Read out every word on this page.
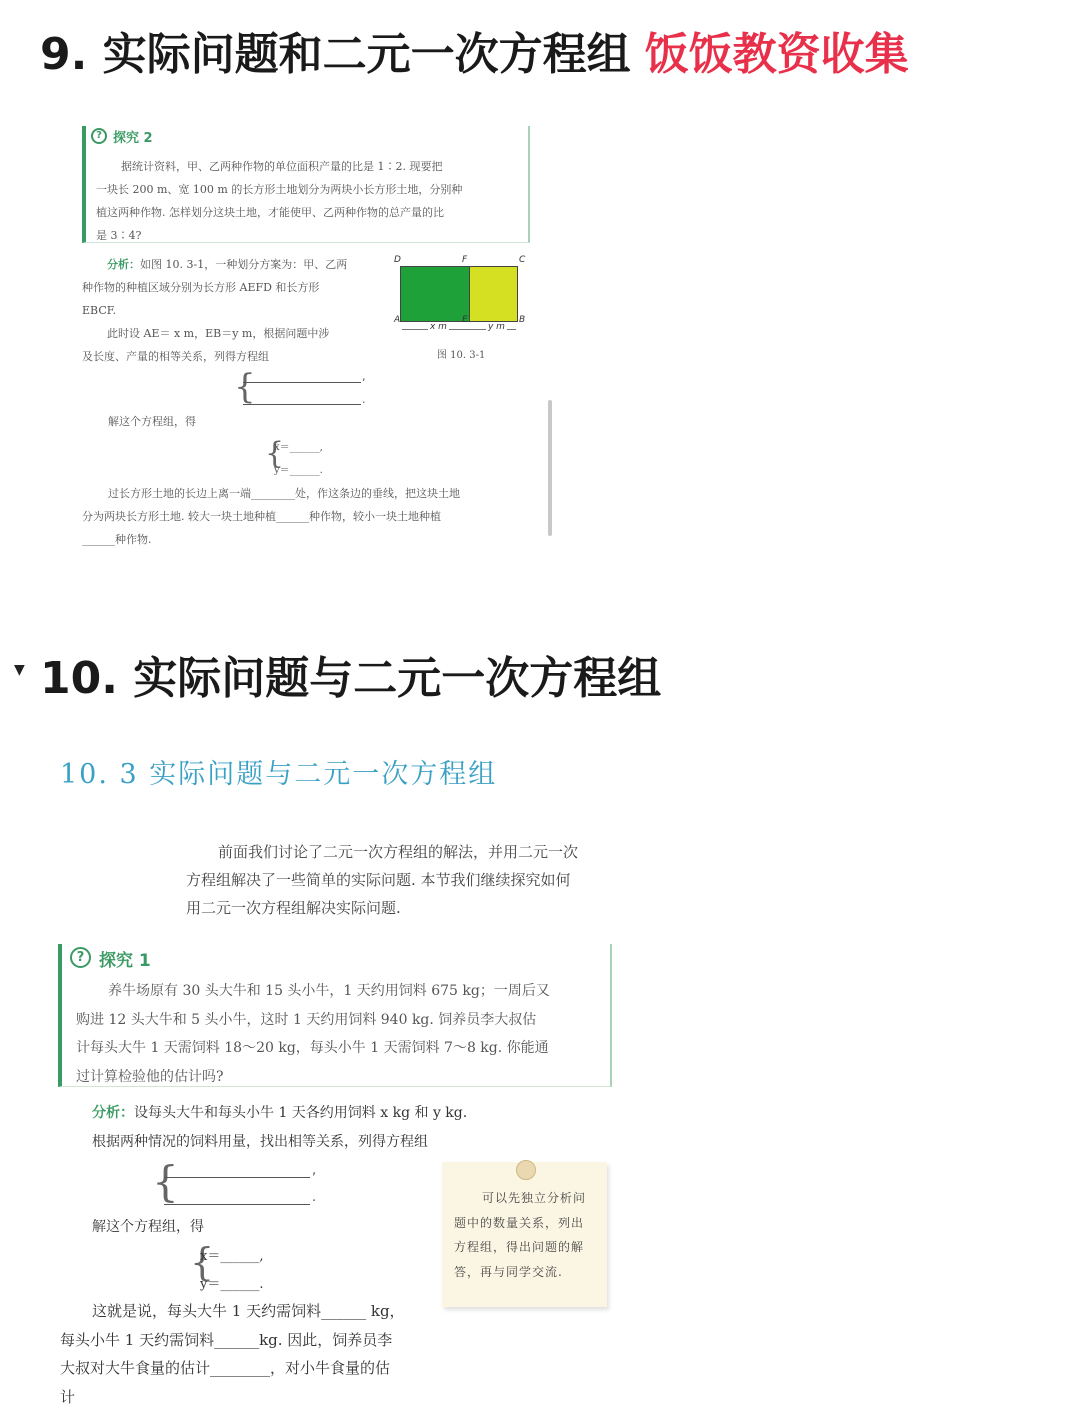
9. 实际问题和二元一次方程组 饭饭教资收集
? 探究 2
据统计资料，甲、乙两种作物的单位面积产量的比是 1∶2. 现要把
一块长 200 m、宽 100 m 的长方形土地划分为两块小长方形土地，分别种
植这两种作物. 怎样划分这块土地，才能使甲、乙两种作物的总产量的比
是 3∶4?
分析：如图 10. 3-1，一种划分方案为：甲、乙两
种作物的种植区域分别为长方形 AEFD 和长方形
EBCF.
此时设 AE＝ x m，EB＝y m，根据问题中涉
及长度、产量的相等关系，列得方程组
D	F	C
A	E	B
x m	y m
图 10. 3-1
{	,
.
解这个方程组，得
{
x＝______,
y＝______.
过长方形土地的长边上离一端________处，作这条边的垂线，把这块土地
分为两块长方形土地. 较大一块土地种植______种作物，较小一块土地种植
______种作物.
▼ 10. 实际问题与二元一次方程组
10. 3 实际问题与二元一次方程组
前面我们讨论了二元一次方程组的解法，并用二元一次
方程组解决了一些简单的实际问题. 本节我们继续探究如何
用二元一次方程组解决实际问题.
? 探究 1
养牛场原有 30 头大牛和 15 头小牛，1 天约用饲料 675 kg；一周后又
购进 12 头大牛和 5 头小牛，这时 1 天约用饲料 940 kg. 饲养员李大叔估
计每头大牛 1 天需饲料 18～20 kg，每头小牛 1 天需饲料 7～8 kg. 你能通
过计算检验他的估计吗?
分析：设每头大牛和每头小牛 1 天各约用饲料 x kg 和 y kg.
根据两种情况的饲料用量，找出相等关系，列得方程组
{	,
.
解这个方程组，得
{
x＝______,
y＝______.
这就是说，每头大牛 1 天约需饲料______ kg，
每头小牛 1 天约需饲料______kg. 因此，饲养员李
大叔对大牛食量的估计________，对小牛食量的估
计
可以先独立分析问
题中的数量关系，列出
方程组，得出问题的解
答，再与同学交流.
